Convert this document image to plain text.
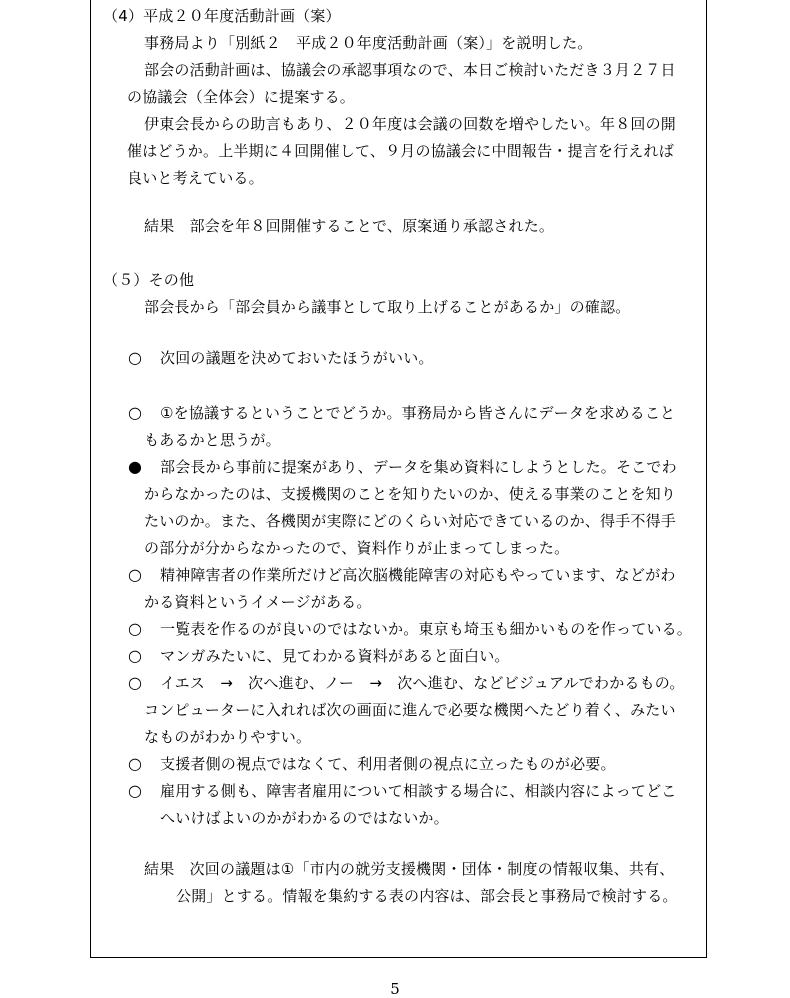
（4）平成２０年度活動計画（案）
事務局より「別紙２　平成２０年度活動計画（案）」を説明した。
部会の活動計画は、協議会の承認事項なので、本日ご検討いただき３月２７日
の協議会（全体会）に提案する。
伊東会長からの助言もあり、２０年度は会議の回数を増やしたい。年８回の開
催はどうか。上半期に４回開催して、９月の協議会に中間報告・提言を行えれば
良いと考えている。
結果　部会を年８回開催することで、原案通り承認された。
（５）その他
部会長から「部会員から議事として取り上げることがあるか」の確認。
○ 次回の議題を決めておいたほうがいい。
○ ①を協議するということでどうか。事務局から皆さんにデータを求めること
もあるかと思うが。
● 部会長から事前に提案があり、データを集め資料にしようとした。そこでわ
からなかったのは、支援機関のことを知りたいのか、使える事業のことを知り
たいのか。また、各機関が実際にどのくらい対応できているのか、得手不得手
の部分が分からなかったので、資料作りが止まってしまった。
○ 精神障害者の作業所だけど高次脳機能障害の対応もやっています、などがわ
かる資料というイメージがある。
○ 一覧表を作るのが良いのではないか。東京も埼玉も細かいものを作っている。
○ マンガみたいに、見てわかる資料があると面白い。
○ イエス　→　次へ進む、ノー　→　次へ進む、などビジュアルでわかるもの。
コンピューターに入れれば次の画面に進んで必要な機関へたどり着く、みたい
なものがわかりやすい。
○ 支援者側の視点ではなくて、利用者側の視点に立ったものが必要。
○ 雇用する側も、障害者雇用について相談する場合に、相談内容によってどこ
へいけばよいのかがわかるのではないか。
結果　次回の議題は①「市内の就労支援機関・団体・制度の情報収集、共有、
公開」とする。情報を集約する表の内容は、部会長と事務局で検討する。
5
